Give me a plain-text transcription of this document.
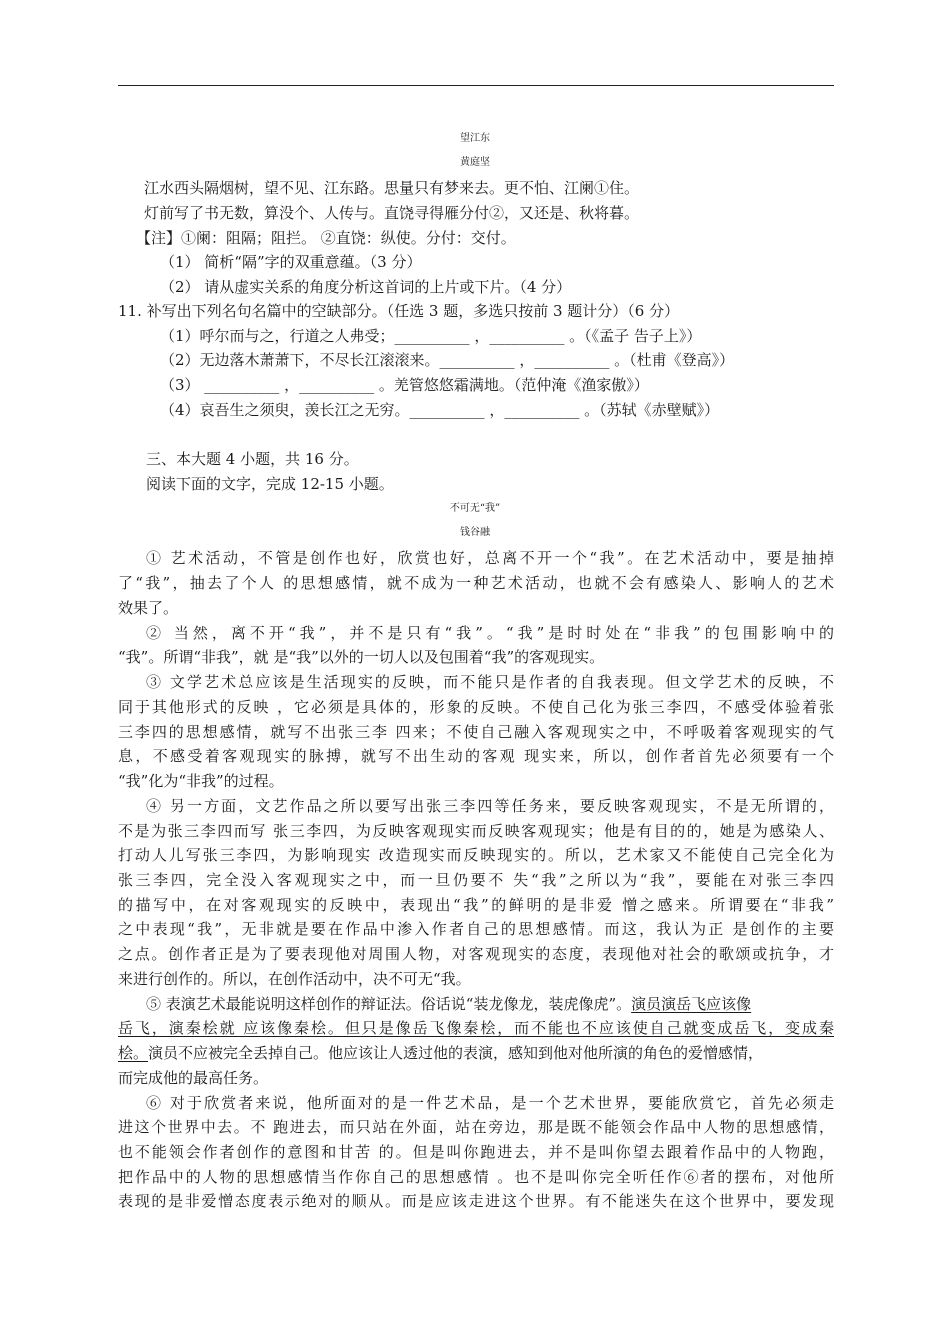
望江东
黄庭坚
江水西头隔烟树，望不见、江东路。思量只有梦来去。更不怕、江阑①住。
灯前写了书无数，算没个、人传与。直饶寻得雁分付②，又还是、秋将暮。
【注】①阑：阻隔；阻拦。 ②直饶：纵使。分付：交付。
（1） 简析“隔”字的双重意蕴。（3 分）
（2） 请从虚实关系的角度分析这首词的上片或下片。（4 分）
11. 补写出下列名句名篇中的空缺部分。（任选 3 题，多选只按前 3 题计分）（6 分）
（1）呼尔而与之，行道之人弗受；__________ ，__________ 。（《孟子 告子上》）
（2）无边落木萧萧下，不尽长江滚滚来。__________ ，__________ 。（杜甫《登高》）
（3） __________ ，__________ 。羌管悠悠霜满地。（范仲淹《渔家傲》）
（4）哀吾生之须臾，羡长江之无穷。__________ ，__________ 。（苏轼《赤壁赋》）
三、本大题 4 小题，共 16 分。
阅读下面的文字，完成 12-15 小题。
不可无“我”
钱谷融
① 艺术活动，不管是创作也好，欣赏也好，总离不开一个“我”。在艺术活动中，要是抽掉
了“我”，抽去了个人 的思想感情，就不成为一种艺术活动，也就不会有感染人、影响人的艺术
效果了。
② 当然，离不开“我”，并不是只有“我”。“我”是时时处在“非我”的包围影响中的
“我”。所谓“非我”，就 是“我”以外的一切人以及包围着“我”的客观现实。
③ 文学艺术总应该是生活现实的反映，而不能只是作者的自我表现。但文学艺术的反映，不
同于其他形式的反映 ，它必须是具体的，形象的反映。不使自己化为张三李四，不感受体验着张
三李四的思想感情，就写不出张三李 四来；不使自己融入客观现实之中，不呼吸着客观现实的气
息，不感受着客观现实的脉搏，就写不出生动的客观 现实来，所以，创作者首先必须要有一个
“我”化为“非我”的过程。
④ 另一方面，文艺作品之所以要写出张三李四等任务来，要反映客观现实，不是无所谓的，
不是为张三李四而写 张三李四，为反映客观现实而反映客观现实；他是有目的的，她是为感染人、
打动人儿写张三李四，为影响现实 改造现实而反映现实的。所以，艺术家又不能使自己完全化为
张三李四，完全没入客观现实之中，而一旦仍要不 失“我”之所以为“我”，要能在对张三李四
的描写中，在对客观现实的反映中，表现出“我”的鲜明的是非爱 憎之感来。所谓要在“非我”
之中表现“我”，无非就是要在作品中渗入作者自己的思想感情。而这，我认为正 是创作的主要
之点。创作者正是为了要表现他对周围人物，对客观现实的态度，表现他对社会的歌颂或抗争，才
来进行创作的。所以，在创作活动中，决不可无“我。
⑤ 表演艺术最能说明这样创作的辩证法。俗话说“装龙像龙，装虎像虎”。演员演岳飞应该像
岳飞，演秦桧就 应该像秦桧。但只是像岳飞像秦桧，而不能也不应该使自己就变成岳飞，变成秦
桧。演员不应被完全丢掉自己。他应该让人透过他的表演，感知到他对他所演的角色的爱憎感情，
而完成他的最高任务。
⑥ 对于欣赏者来说，他所面对的是一件艺术品，是一个艺术世界，要能欣赏它，首先必须走
进这个世界中去。不 跑进去，而只站在外面，站在旁边，那是既不能领会作品中人物的思想感情，
也不能领会作者创作的意图和甘苦 的。但是叫你跑进去，并不是叫你望去跟着作品中的人物跑，
把作品中的人物的思想感情当作你自己的思想感情 。也不是叫你完全听任作⑥者的摆布，对他所
表现的是非爱憎态度表示绝对的顺从。而是应该走进这个世界。有不能迷失在这个世界中，要发现
